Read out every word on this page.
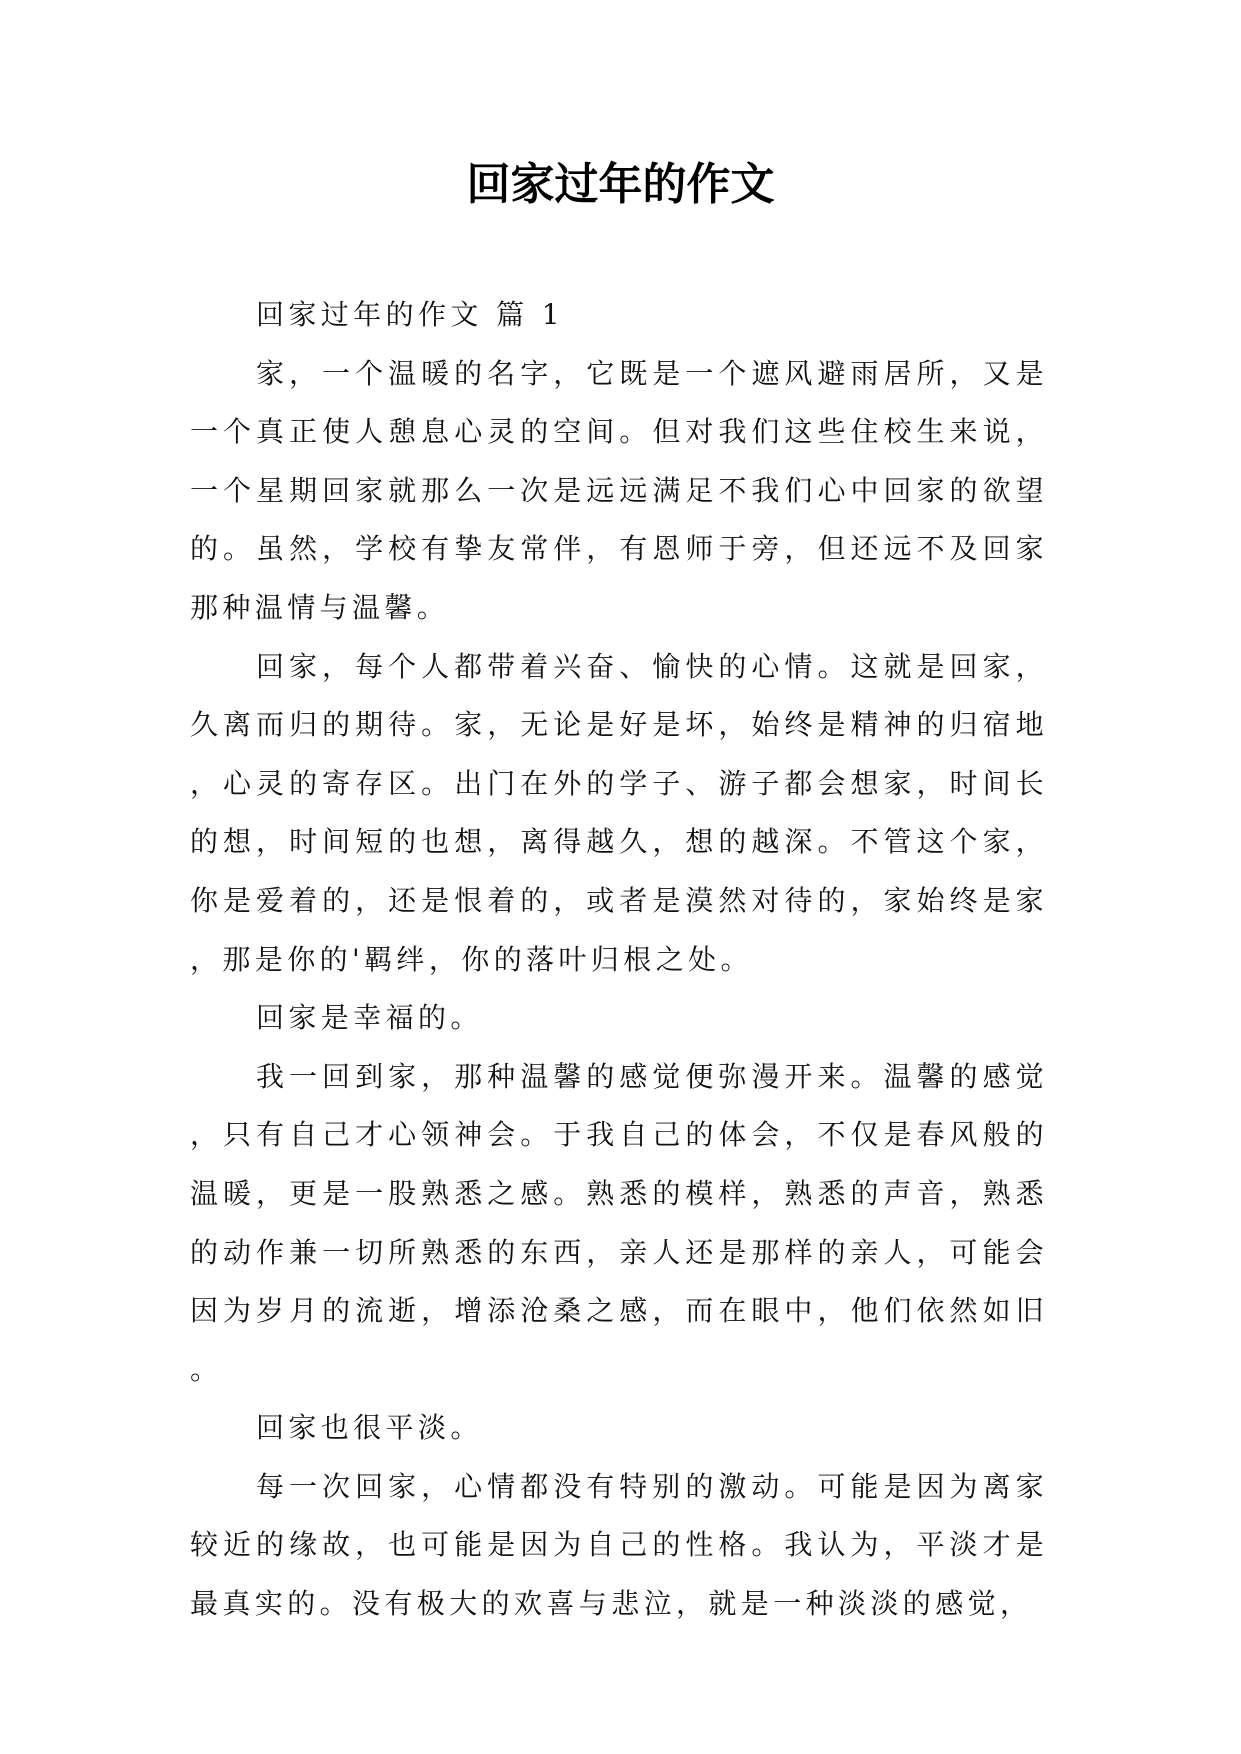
回家过年的作文

回家过年的作文 篇 1

家，一个温暖的名字，它既是一个遮风避雨居所，又是一个真正使人憩息心灵的空间。但对我们这些住校生来说，一个星期回家就那么一次是远远满足不我们心中回家的欲望的。虽然，学校有挚友常伴，有恩师于旁，但还远不及回家那种温情与温馨。

回家，每个人都带着兴奋、愉快的心情。这就是回家，久离而归的期待。家，无论是好是坏，始终是精神的归宿地，心灵的寄存区。出门在外的学子、游子都会想家，时间长的想，时间短的也想，离得越久，想的越深。不管这个家，你是爱着的，还是恨着的，或者是漠然对待的，家始终是家，那是你的'羁绊，你的落叶归根之处。

回家是幸福的。

我一回到家，那种温馨的感觉便弥漫开来。温馨的感觉，只有自己才心领神会。于我自己的体会，不仅是春风般的温暖，更是一股熟悉之感。熟悉的模样，熟悉的声音，熟悉的动作兼一切所熟悉的东西，亲人还是那样的亲人，可能会因为岁月的流逝，增添沧桑之感，而在眼中，他们依然如旧。

回家也很平淡。

每一次回家，心情都没有特别的激动。可能是因为离家较近的缘故，也可能是因为自己的性格。我认为，平淡才是最真实的。没有极大的欢喜与悲泣，就是一种淡淡的感觉，
